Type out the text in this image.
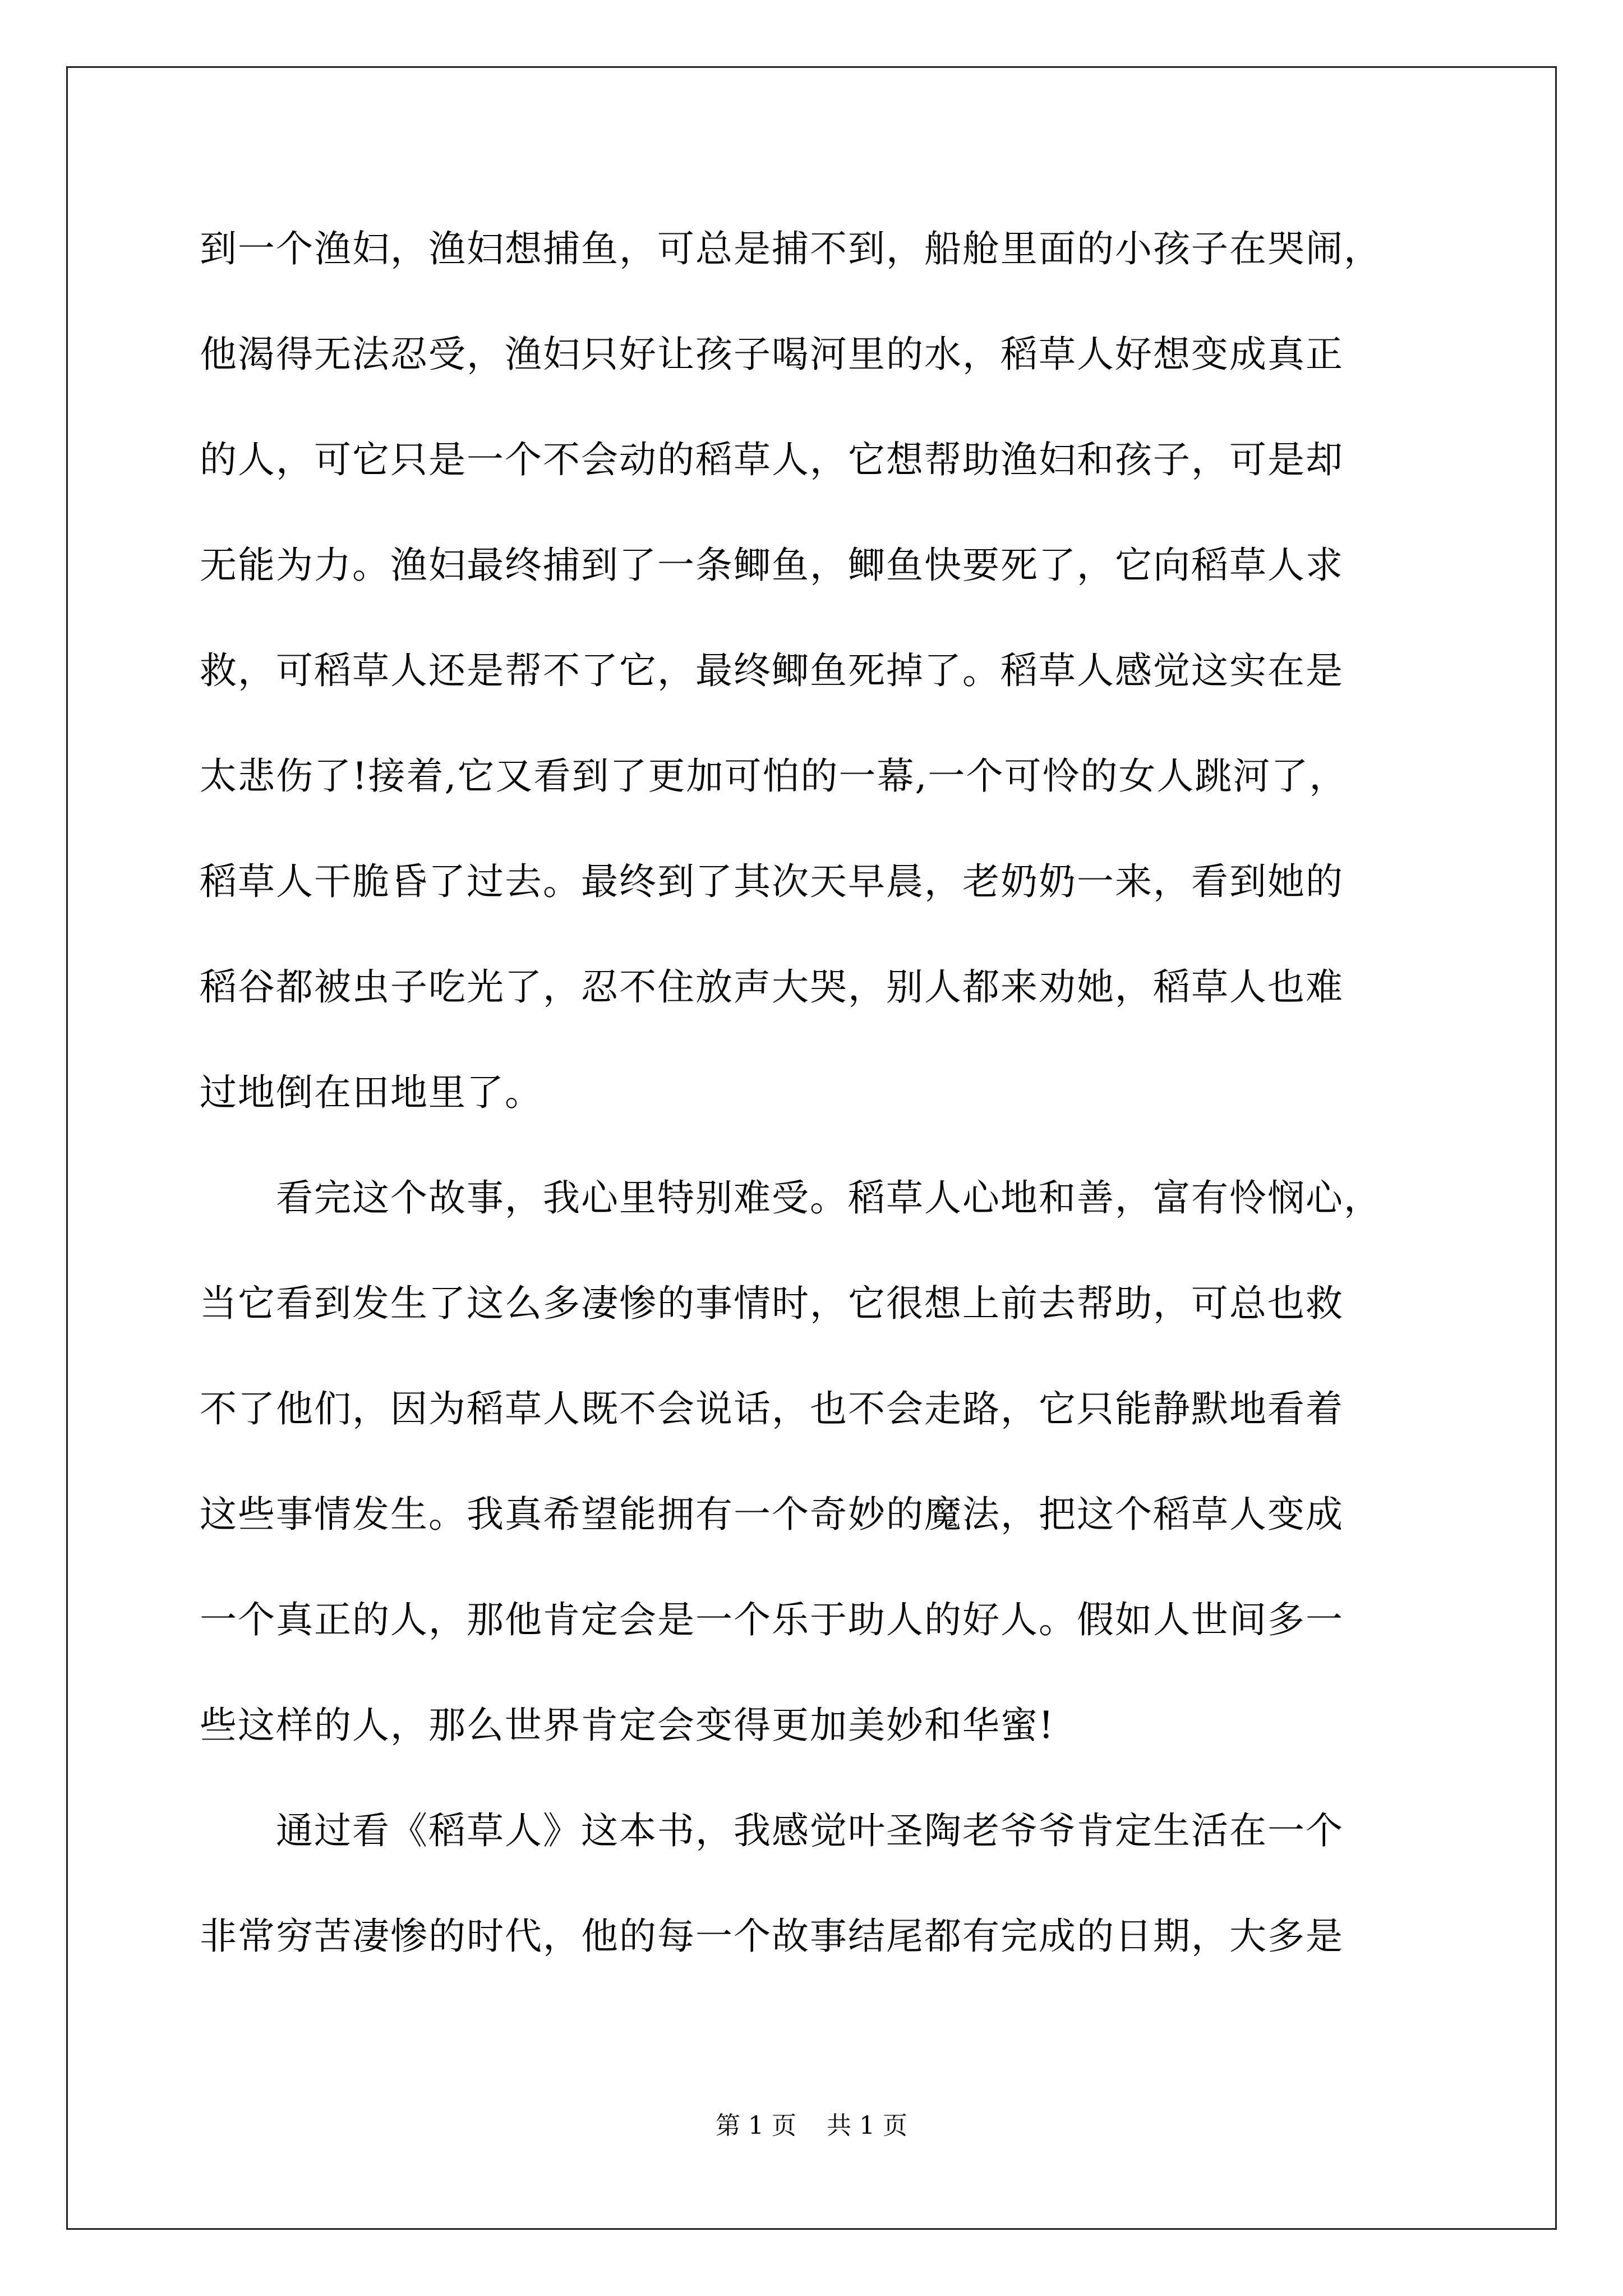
到一个渔妇，渔妇想捕鱼，可总是捕不到，船舱里面的小孩子在哭闹，
他渴得无法忍受，渔妇只好让孩子喝河里的水，稻草人好想变成真正
的人，可它只是一个不会动的稻草人，它想帮助渔妇和孩子，可是却
无能为力。渔妇最终捕到了一条鲫鱼，鲫鱼快要死了，它向稻草人求
救，可稻草人还是帮不了它，最终鲫鱼死掉了。稻草人感觉这实在是
太悲伤了!接着,它又看到了更加可怕的一幕,一个可怜的女人跳河了，
稻草人干脆昏了过去。最终到了其次天早晨，老奶奶一来，看到她的
稻谷都被虫子吃光了，忍不住放声大哭，别人都来劝她，稻草人也难
过地倒在田地里了。
　　看完这个故事，我心里特别难受。稻草人心地和善，富有怜悯心，
当它看到发生了这么多凄惨的事情时，它很想上前去帮助，可总也救
不了他们，因为稻草人既不会说话，也不会走路，它只能静默地看着
这些事情发生。我真希望能拥有一个奇妙的魔法，把这个稻草人变成
一个真正的人，那他肯定会是一个乐于助人的好人。假如人世间多一
些这样的人，那么世界肯定会变得更加美妙和华蜜!
　　通过看《稻草人》这本书，我感觉叶圣陶老爷爷肯定生活在一个
非常穷苦凄惨的时代，他的每一个故事结尾都有完成的日期，大多是
第 1 页 共 1 页
